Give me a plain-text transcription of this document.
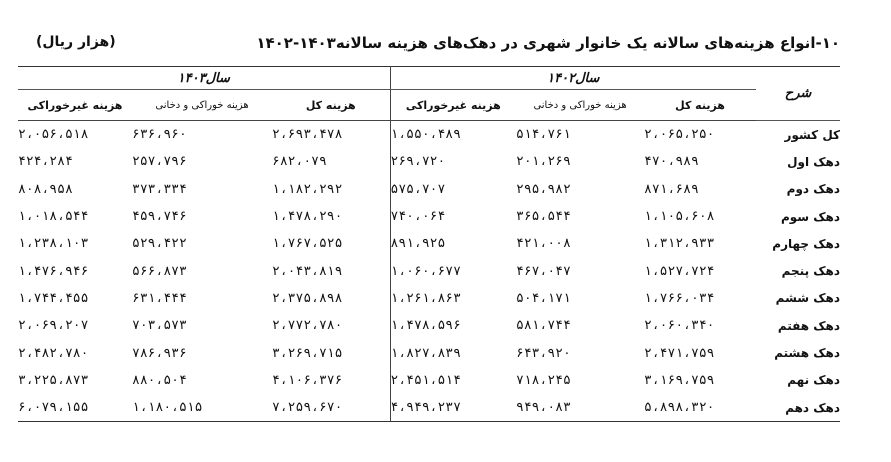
۱۰-انواع هزینه‌های سالانه یک خانوار شهری در دهک‌های هزینه سالانه۱۴۰۳-۱۴۰۲
(هزار ریال)
شرح	سال۱۴۰۲			سال۱۴۰۳		
	هزینه کل	هزینه خوراکی و دخانی	هزینه غیرخوراکی	هزینه کل	هزینه خوراکی و دخانی	هزینه غیرخوراکی
کل کشور	۲،۰۶۵،۲۵۰	۵۱۴،۷۶۱	۱،۵۵۰،۴۸۹	۲،۶۹۳،۴۷۸	۶۳۶،۹۶۰	۲،۰۵۶،۵۱۸
دهک اول	۴۷۰،۹۸۹	۲۰۱،۲۶۹	۲۶۹،۷۲۰	۶۸۲،۰۷۹	۲۵۷،۷۹۶	۴۲۴،۲۸۴
دهک دوم	۸۷۱،۶۸۹	۲۹۵،۹۸۲	۵۷۵،۷۰۷	۱،۱۸۲،۲۹۲	۳۷۳،۳۳۴	۸۰۸،۹۵۸
دهک سوم	۱،۱۰۵،۶۰۸	۳۶۵،۵۴۴	۷۴۰،۰۶۴	۱،۴۷۸،۲۹۰	۴۵۹،۷۴۶	۱،۰۱۸،۵۴۴
دهک چهارم	۱،۳۱۲،۹۳۳	۴۲۱،۰۰۸	۸۹۱،۹۲۵	۱،۷۶۷،۵۲۵	۵۲۹،۴۲۲	۱،۲۳۸،۱۰۳
دهک پنجم	۱،۵۲۷،۷۲۴	۴۶۷،۰۴۷	۱،۰۶۰،۶۷۷	۲،۰۴۳،۸۱۹	۵۶۶،۸۷۳	۱،۴۷۶،۹۴۶
دهک ششم	۱،۷۶۶،۰۳۴	۵۰۴،۱۷۱	۱،۲۶۱،۸۶۳	۲،۳۷۵،۸۹۸	۶۳۱،۴۴۴	۱،۷۴۴،۴۵۵
دهک هفتم	۲،۰۶۰،۳۴۰	۵۸۱،۷۴۴	۱،۴۷۸،۵۹۶	۲،۷۷۲،۷۸۰	۷۰۳،۵۷۳	۲،۰۶۹،۲۰۷
دهک هشتم	۲،۴۷۱،۷۵۹	۶۴۳،۹۲۰	۱،۸۲۷،۸۳۹	۳،۲۶۹،۷۱۵	۷۸۶،۹۳۶	۲،۴۸۲،۷۸۰
دهک نهم	۳،۱۶۹،۷۵۹	۷۱۸،۲۴۵	۲،۴۵۱،۵۱۴	۴،۱۰۶،۳۷۶	۸۸۰،۵۰۴	۳،۲۲۵،۸۷۳
دهک دهم	۵،۸۹۸،۳۲۰	۹۴۹،۰۸۳	۴،۹۴۹،۲۳۷	۷،۲۵۹،۶۷۰	۱،۱۸۰،۵۱۵	۶،۰۷۹،۱۵۵
